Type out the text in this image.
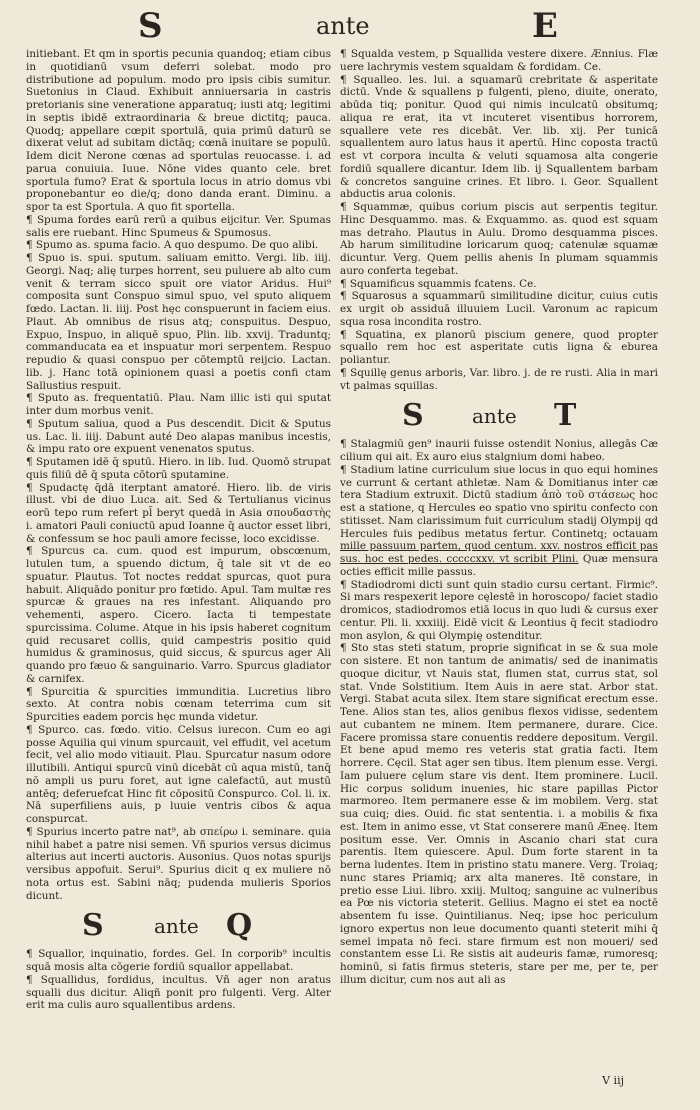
S	ante	E

initiebant. Et qm in sportis pecunia quandoq; etiam cibus in quotidianū vsum deferri solebat. modo pro distributione ad populum. modo pro ipsis cibis sumitur. Suetonius in Claud. Exhibuit anniuersaria in castris pretorianis sine veneratione apparatuq; iusti atq; legitimi in septis ibidē extraordinaria & breue dictitq; pauca. Quodq; appellare cœpit sportulā, quia primū daturū se dixerat velut ad subitam dictāq; cœnā inuitare se populū. Idem dicit Nerone cœnas ad sportulas reuocasse. i. ad parua conuiuia. Iuue. Nōne vides quanto cele. bret sportula fumo? Erat & sportula locus in atrio domus vbi proponebantur eo die/q; dono danda erant. Diminu. a spor ta est Sportula. A quo fit sportella.

¶ Spuma fordes earū rerū a quibus eijcitur. Ver. Spumas salis ere ruebant. Hinc Spumeus & Spumosus.

¶ Spumo as. spuma facio. A quo despumo. De quo alibi.

¶ Spuo is. spui. sputum. saliuam emitto. Vergi. lib. iiij. Georgi. Naq; alię turpes horrent, seu puluere ab alto cum venit & terram sicco spuit ore viator Aridus. Hui⁹ composita sunt Conspuo simul spuo, vel sputo aliquem fœdo. Lactan. li. iiij. Post hęc conspuerunt in faciem eius. Plaut. Ab omnibus de risus atq; conspuitus. Despuo, Expuo, Inspuo, in aliquē spuo, Plin. lib. xxvij. Traduntq; commanducata ea et inspuatur mori serpentem. Respuo repudio & quasi conspuo per cōtemptū reijcio. Lactan. lib. j. Hanc totā opinionem quasi a poetis confi ctam Sallustius respuit.

¶ Sputo as. frequentatiū. Plau. Nam illic isti qui sputat inter dum morbus venit.

¶ Sputum saliua, quod a Pus descendit. Dicit & Sputus us. Lac. li. iiij. Dabunt auté Deo alapas manibus incestis, & impu rato ore expuent venenatos sputus.

¶ Sputamen idē q̄ sputū. Hiero. in lib. Iud. Quomō strupat quis filiū dē q̄ sputa cōtorū sputamine.

¶ Spudactę q̄dā iterptant amatoré. Hiero. lib. de viris illust. vbi de diuo Luca. ait. Sed & Tertulianus vicinus eorū tepo rum refert pl̃ beryt quedā in Asia σπουδαστὴς i. amatori Pauli coniuctū apud Ioanne q̄ auctor esset libri, & confessum se hoc pauli amore fecisse, loco excidisse.

¶ Spurcus ca. cum. quod est impurum, obscœnum, lutulen tum, a spuendo dictum, q̄ tale sit vt de eo spuatur. Plautus. Tot noctes reddat spurcas, quot pura habuit. Aliquādo ponitur pro fœtido. Apul. Tam multæ res spurcæ & graues na res infestant. Aliquando pro vehementi, aspero. Cicero. Iacta ti tempestate spurcissima. Colume. Atque in his ipsis haberet cognitum quid recusaret collis, quid campestris positio quid humidus & graminosus, quid siccus, & spurcus ager Ali quando pro fæuo & sanguinario. Varro. Spurcus gladiator & carnifex.

¶ Spurcitia & spurcities immunditia. Lucretius libro sexto. At contra nobis cœnam teterrima cum sit Spurcities eadem porcis hęc munda videtur.

¶ Spurco. cas. fœdo. vitio. Celsus iurecon. Cum eo agi posse Aquilia qui vinum spurcauit, vel effudit, vel acetum fecit, vel alio modo vitiauit. Plau. Spurcatur nasum odore illutibili. Antiqui spurcū vinū dicebāt cū aqua mistū, tanq̄ nō ampli us puru foret, aut igne calefactū, aut mustū antēq; deferuefcat Hinc fit cōpositū Conspurco. Col. li. ix. Nā superfiliens auis, p luuie ventris cibos & aqua conspurcat.

¶ Spurius incerto patre nat⁹, ab σπείρω i. seminare. quia nihil habet a patre nisi semen. Vñ spurios versus dicimus alterius aut incerti auctoris. Ausonius. Quos notas spurijs versibus appofuit. Serui⁹. Spurius dicit q ex muliere nō nota ortus est. Sabini nāq; pudenda mulieris Sporios dicunt.

S	ante Q

¶ Squallor, inquinatio, fordes. Gel. In corporib⁹ incultis squā mosis alta cōgerie fordiū squallor appellabat.

¶ Squallidus, fordidus, incultus. Vñ ager non aratus squalli dus dicitur. Aliqñ ponit pro fulgenti. Verg. Alter erit ma culis auro squallentibus ardens.

¶ Squalda vestem, p Squallida vestere dixere. Ænnius. Flæ uere lachrymis vestem squaldam & fordidam. Ce.

¶ Squalleo. les. lui. a squamarū crebritate & asperitate dictū. Vnde & squallens p fulgenti, pleno, diuite, onerato, abūda tiq; ponitur. Quod qui nimis inculcatū obsitumq; aliqua re erat, ita vt incuteret visentibus horrorem, squallere vete res dicebāt. Ver. lib. xij. Per tunicā squallentem auro latus haus it apertū. Hinc coposta tractū est vt corpora inculta & veluti squamosa alta congerie fordiū squallere dicantur. Idem lib. ij Squallentem barbam & concretos sanguine crines. Et libro. i. Geor. Squallent abductis arua colonis.

¶ Squammæ, quibus corium piscis aut serpentis tegitur. Hinc Desquammo. mas. & Exquammo. as. quod est squam mas detraho. Plautus in Aulu. Dromo desquamma pisces. Ab harum similitudine loricarum quoq; catenulæ squamæ dicuntur. Verg. Quem pellis ahenis In plumam squammis auro conferta tegebat.

¶ Squamificus squammis fcatens. Ce.

¶ Squarosus a squammarū similitudine dicitur, cuius cutis ex urgit ob assiduā illuuiem Lucil. Varonum ac rapicum squa rosa incondita rostro.

¶ Squatina, ex planorū piscium genere, quod propter squallo rem hoc est asperitate cutis ligna & eburea poliantur.

¶ Squillę genus arboris, Var. libro. j. de re rusti. Alia in mari vt palmas squillas.

S ante T

¶ Stalagmiū gen⁹ inaurii fuisse ostendit Nonius, allegās Cæ cilium qui ait. Ex auro eius stalgnium domi habeo.

¶ Stadium latine curriculum siue locus in quo equi homines ve currunt & certant athletæ. Nam & Domitianus inter cæ tera Stadium extruxit. Dictū stadium ἀπὸ τοῦ στάσεως hoc est a statione, q Hercules eo spatio vno spiritu confecto con stitisset. Nam clarissimum fuit curriculum stadij Olympij qd Hercules fuis pedibus metatus fertur. Continetq; octauam mille passuum partem, quod centum. xxv. nostros efficit pas sus. hoc est pedes. cccccxxv. vt scribit Plini. Quæ mensura octies efficit mille passus.

¶ Stadiodromi dicti sunt quin stadio cursu certant. Firmic⁹. Si mars respexerit lepore cęlestē in horoscopo/ faciet stadio dromicos, stadiodromos etiā locus in quo ludi & cursus exer centur. Pli. li. xxxiiij. Eidē vicit & Leontius q̄ fecit stadiodro mon asylon, & qui Olympię ostenditur.

¶ Sto stas steti statum, proprie significat in se & sua mole con sistere. Et non tantum de animatis/ sed de inanimatis quoque dicitur, vt Nauis stat, flumen stat, currus stat, sol stat. Vnde Solstitium. Item Auis in aere stat. Arbor stat. Vergi. Stabat acuta silex. Item stare significat erectum esse. Tene. Alios stan tes, alios genibus flexos vidisse, sedentem aut cubantem ne minem. Item permanere, durare. Cice. Facere promissa stare conuentis reddere depositum. Vergil. Et bene apud memo res veteris stat gratia facti. Item horrere. Cęcil. Stat ager sen tibus. Item plenum esse. Vergi. Iam puluere cęlum stare vis dent. Item prominere. Lucil. Hic corpus solidum inuenies, hic stare papillas Pictor marmoreo. Item permanere esse & im mobilem. Verg. stat sua cuiq; dies. Ouid. fic stat sententia. i. a mobilis & fixa est. Item in animo esse, vt Stat conserere manū Æneę. Item positum esse. Ver. Omnis in Ascanio chari stat cura parentis. Item quiescere. Apul. Dum forte starent in ta berna ludentes. Item in pristino statu manere. Verg. Troiaq; nunc stares Priamiq; arx alta maneres. Itē constare, in pretio esse Liui. libro. xxiij. Multoq; sanguine ac vulneribus ea Pœ nis victoria steterit. Gellius. Magno ei stet ea noctē absentem fu isse. Quintilianus. Neq; ipse hoc periculum ignoro expertus non leue documento quanti steterit mihi q̄ semel impata nō feci. stare firmum est non moueri/ sed constantem esse Li. Re sistis ait audeuris famæ, rumoresq; hominū, si fatis firmus steteris, stare per me, per te, per illum dicitur, cum nos aut ali as

V iij
